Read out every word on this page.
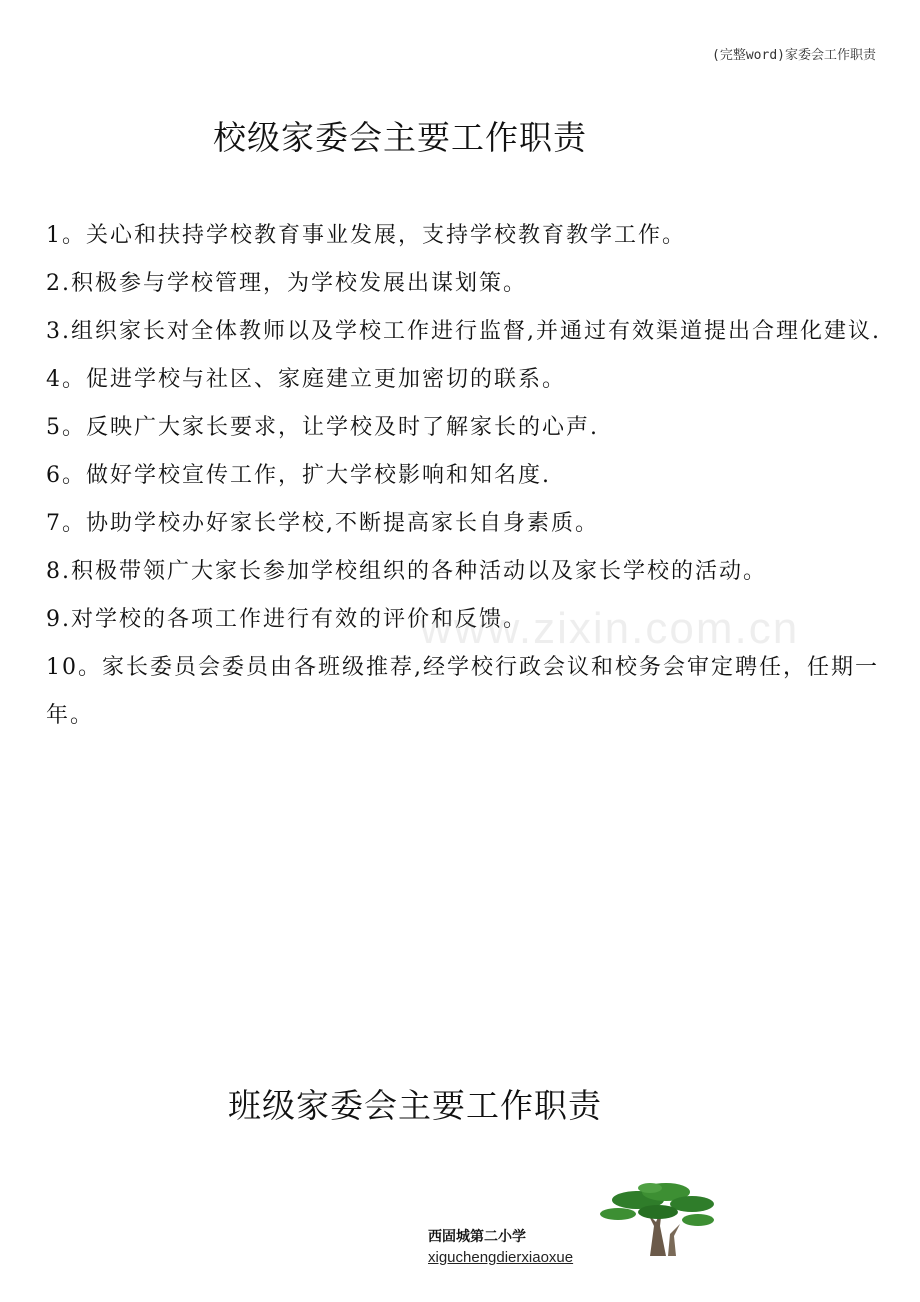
(完整word)家委会工作职责
校级家委会主要工作职责
1。关心和扶持学校教育事业发展，支持学校教育教学工作。
2.积极参与学校管理，为学校发展出谋划策。
3.组织家长对全体教师以及学校工作进行监督,并通过有效渠道提出合理化建议.
4。促进学校与社区、家庭建立更加密切的联系。
5。反映广大家长要求，让学校及时了解家长的心声.
6。做好学校宣传工作，扩大学校影响和知名度.
7。协助学校办好家长学校,不断提高家长自身素质。
8.积极带领广大家长参加学校组织的各种活动以及家长学校的活动。
9.对学校的各项工作进行有效的评价和反馈。
10。家长委员会委员由各班级推荐,经学校行政会议和校务会审定聘任，任期一年。
www.zixin.com.cn
班级家委会主要工作职责
西固城第二小学
xiguchengdierxiaoxue
